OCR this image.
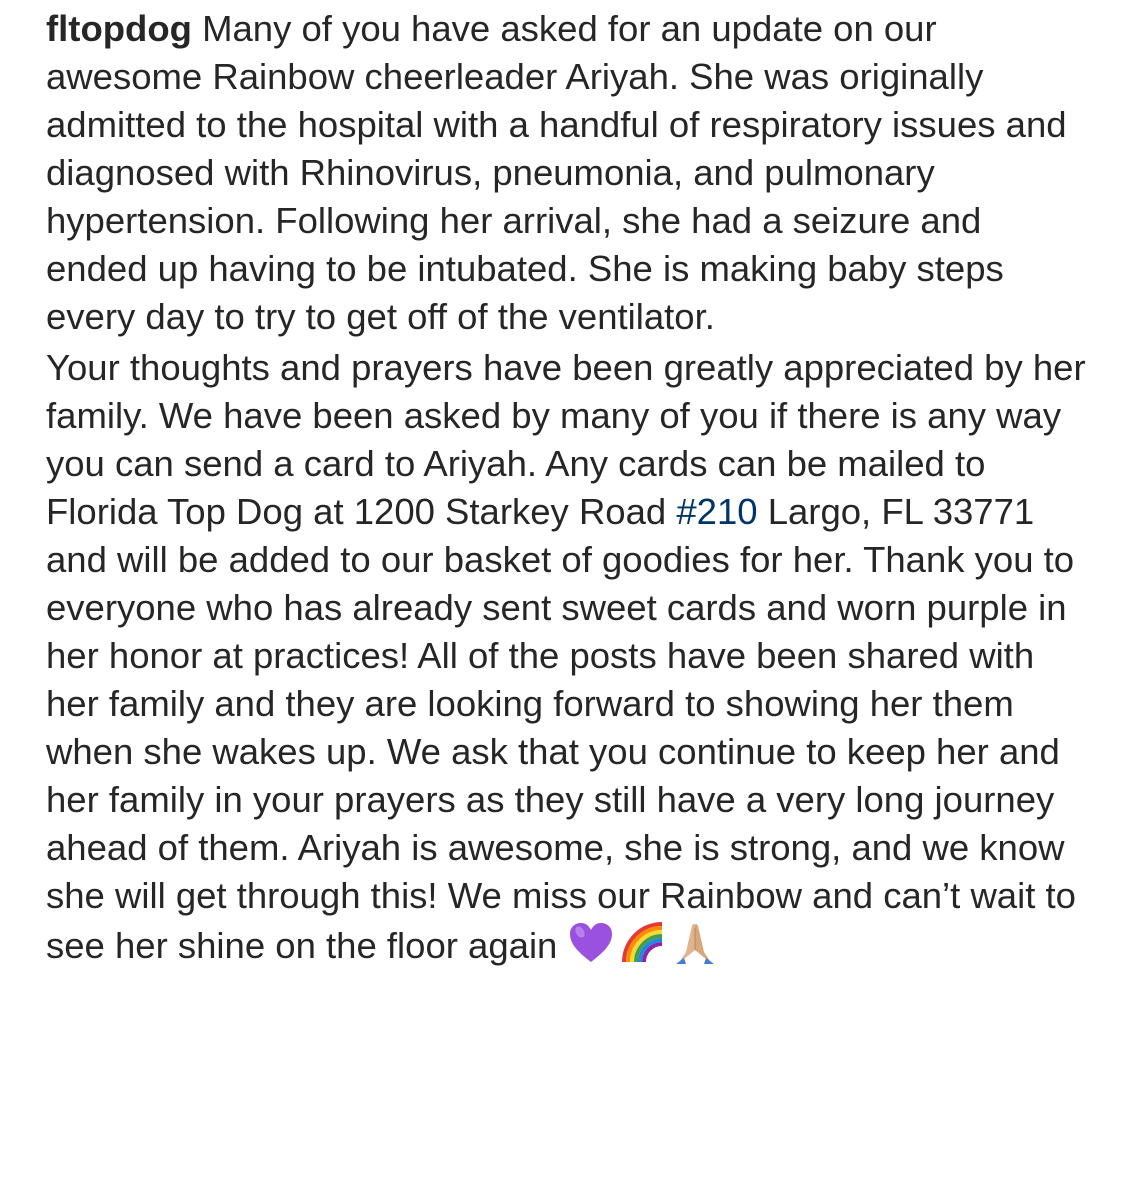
fltopdog Many of you have asked for an update on our awesome Rainbow cheerleader Ariyah. She was originally admitted to the hospital with a handful of respiratory issues and diagnosed with Rhinovirus, pneumonia, and pulmonary hypertension. Following her arrival, she had a seizure and ended up having to be intubated. She is making baby steps every day to try to get off of the ventilator.

Your thoughts and prayers have been greatly appreciated by her family. We have been asked by many of you if there is any way you can send a card to Ariyah. Any cards can be mailed to Florida Top Dog at 1200 Starkey Road #210 Largo, FL 33771 and will be added to our basket of goodies for her. Thank you to everyone who has already sent sweet cards and worn purple in her honor at practices! All of the posts have been shared with her family and they are looking forward to showing her them when she wakes up. We ask that you continue to keep her and her family in your prayers as they still have a very long journey ahead of them. Ariyah is awesome, she is strong, and we know she will get through this! We miss our Rainbow and can’t wait to see her shine on the floor again
